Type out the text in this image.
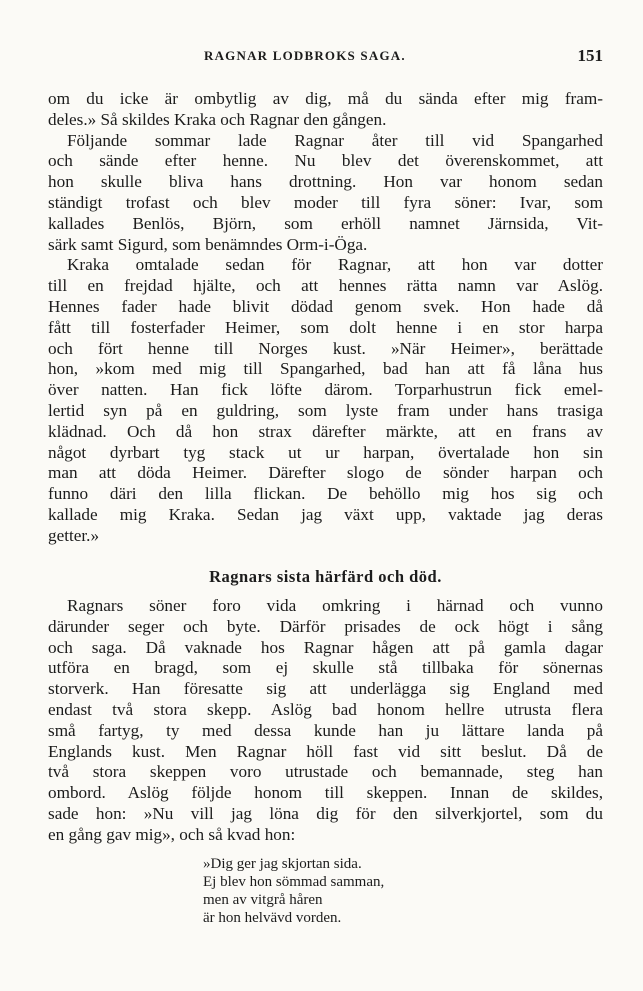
RAGNAR LODBROKS SAGA.	151
om du icke är ombytlig av dig, må du sända efter mig fram-
deles.» Så skildes Kraka och Ragnar den gången.
Följande sommar lade Ragnar åter till vid Spangarhed
och sände efter henne. Nu blev det överenskommet, att
hon skulle bliva hans drottning. Hon var honom sedan
ständigt trofast och blev moder till fyra söner: Ivar, som
kallades Benlös, Björn, som erhöll namnet Järnsida, Vit-
särk samt Sigurd, som benämndes Orm-i-Öga.
Kraka omtalade sedan för Ragnar, att hon var dotter
till en frejdad hjälte, och att hennes rätta namn var Aslög.
Hennes fader hade blivit dödad genom svek. Hon hade då
fått till fosterfader Heimer, som dolt henne i en stor harpa
och fört henne till Norges kust. »När Heimer», berättade
hon, »kom med mig till Spangarhed, bad han att få låna hus
över natten. Han fick löfte därom. Torparhustrun fick emel-
lertid syn på en guldring, som lyste fram under hans trasiga
klädnad. Och då hon strax därefter märkte, att en frans av
något dyrbart tyg stack ut ur harpan, övertalade hon sin
man att döda Heimer. Därefter slogo de sönder harpan och
funno däri den lilla flickan. De behöllo mig hos sig och
kallade mig Kraka. Sedan jag växt upp, vaktade jag deras
getter.»
Ragnars sista härfärd och död.
Ragnars söner foro vida omkring i härnad och vunno
därunder seger och byte. Därför prisades de ock högt i sång
och saga. Då vaknade hos Ragnar hågen att på gamla dagar
utföra en bragd, som ej skulle stå tillbaka för sönernas
storverk. Han föresatte sig att underlägga sig England med
endast två stora skepp. Aslög bad honom hellre utrusta flera
små fartyg, ty med dessa kunde han ju lättare landa på
Englands kust. Men Ragnar höll fast vid sitt beslut. Då de
två stora skeppen voro utrustade och bemannade, steg han
ombord. Aslög följde honom till skeppen. Innan de skildes,
sade hon: »Nu vill jag löna dig för den silverkjortel, som du
en gång gav mig», och så kvad hon:
»Dig ger jag skjortan sida.
Ej blev hon sömmad samman,
men av vitgrå håren
är hon helvävd vorden.
